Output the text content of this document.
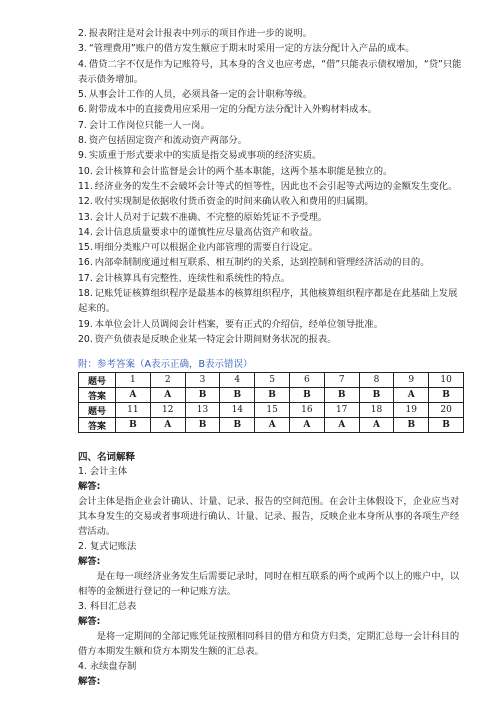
2. 报表附注是对会计报表中列示的项目作进一步的说明。
3. “管理费用”账户的借方发生额应于期末时采用一定的方法分配计入产品的成本。
4. 借贷二字不仅是作为记账符号，其本身的含义也应考虑，“借”只能表示债权增加，“贷”只能表示债务增加。
5. 从事会计工作的人员，必须具备一定的会计职称等级。
6. 附带成本中的直接费用应采用一定的分配方法分配计入外购材料成本。
7. 会计工作岗位只能一人一岗。
8. 资产包括固定资产和流动资产两部分。
9. 实质重于形式要求中的实质是指交易或事项的经济实质。
10. 会计核算和会计监督是会计的两个基本职能，这两个基本职能是独立的。
11. 经济业务的发生不会破坏会计等式的恒等性，因此也不会引起等式两边的金额发生变化。
12. 收付实现制是依据收付货币资金的时间来确认收入和费用的归属期。
13. 会计人员对于记载不准确、不完整的原始凭证不予受理。
14. 会计信息质量要求中的谨慎性应尽量高估资产和收益。
15. 明细分类账户可以根据企业内部管理的需要自行设定。
16. 内部牵制制度通过相互联系、相互制约的关系，达到控制和管理经济活动的目的。
17. 会计核算具有完整性、连续性和系统性的特点。
18. 记账凭证核算组织程序是最基本的核算组织程序，其他核算组织程序都是在此基础上发展起来的。
19. 本单位会计人员调阅会计档案，要有正式的介绍信，经单位领导批准。
20. 资产负债表是反映企业某一特定会计期间财务状况的报表。
附：参考答案（A表示正确，B表示错误）
题号	1	2	3	4	5	6	7	8	9	10
答案	A	A	B	B	B	B	B	B	A	B
题号	11	12	13	14	15	16	17	18	19	20
答案	B	A	B	B	A	A	A	A	B	B
四、名词解释
1. 会计主体
解答:
会计主体是指企业会计确认、计量、记录、报告的空间范围。在会计主体假设下，企业应当对其本身发生的交易或者事项进行确认、计量、记录、报告，反映企业本身所从事的各项生产经营活动。
2. 复式记账法
解答:
是在每一项经济业务发生后需要记录时，同时在相互联系的两个或两个以上的账户中，以相等的金额进行登记的一种记账方法。
3. 科目汇总表
解答:
是将一定期间的全部记账凭证按照相同科目的借方和贷方归类，定期汇总每一会计科目的借方本期发生额和贷方本期发生额的汇总表。
4. 永续盘存制
解答:
